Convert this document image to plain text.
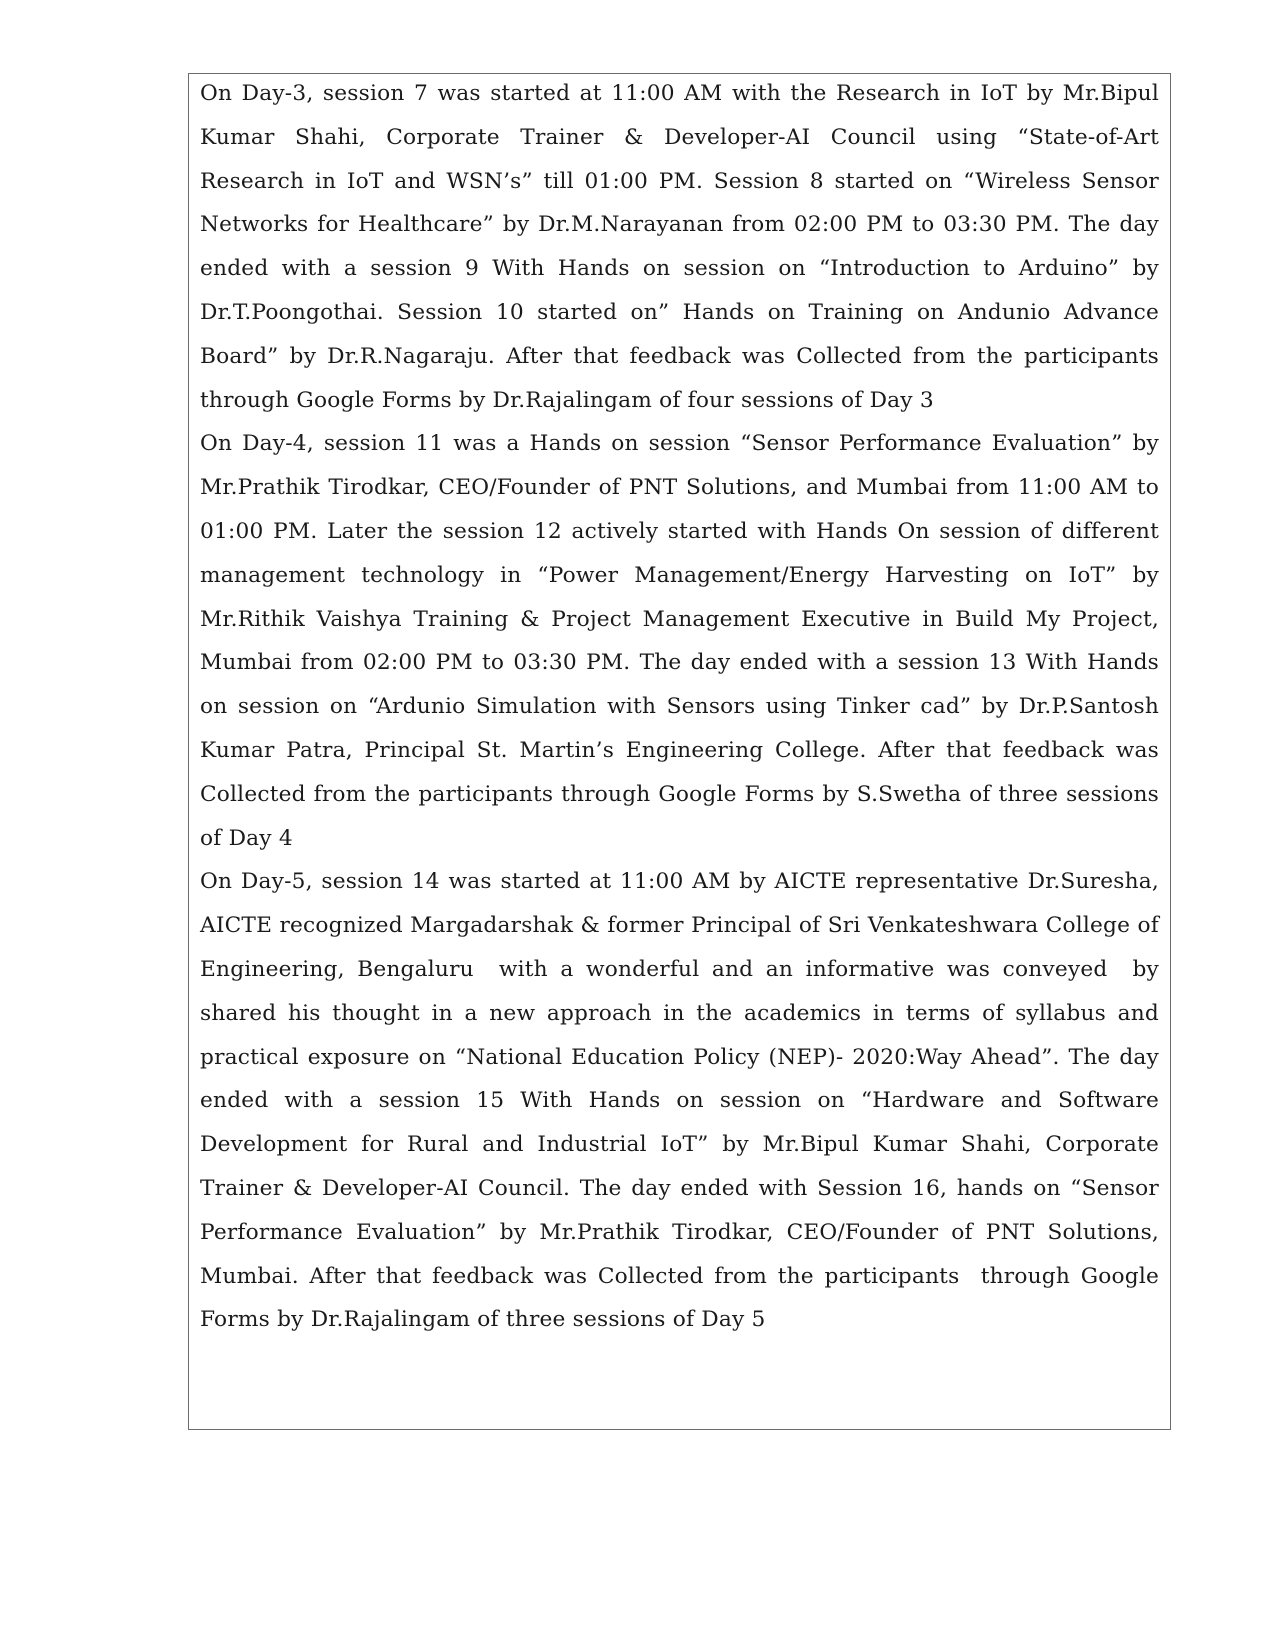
On Day-3, session 7 was started at 11:00 AM with the Research in IoT by Mr.Bipul Kumar Shahi, Corporate Trainer & Developer-AI Council using “State-of-Art Research in IoT and WSN’s” till 01:00 PM. Session 8 started on “Wireless Sensor Networks for Healthcare” by Dr.M.Narayanan from 02:00 PM to 03:30 PM. The day ended with a session 9 With Hands on session on “Introduction to Arduino” by Dr.T.Poongothai. Session 10 started on” Hands on Training on Andunio Advance Board” by Dr.R.Nagaraju. After that feedback was Collected from the participants  through Google Forms by Dr.Rajalingam of four sessions of Day 3

On Day-4, session 11 was a Hands on session “Sensor Performance Evaluation” by Mr.Prathik Tirodkar, CEO/Founder of PNT Solutions, and Mumbai from 11:00 AM to 01:00 PM. Later the session 12 actively started with Hands On session of different management technology in “Power Management/Energy Harvesting on IoT” by Mr.Rithik Vaishya Training & Project Management Executive in Build My Project, Mumbai from 02:00 PM to 03:30 PM. The day ended with a session 13 With Hands on session on “Ardunio Simulation with Sensors using Tinker cad” by Dr.P.Santosh Kumar Patra, Principal St. Martin’s Engineering College. After that feedback was Collected from the participants through Google Forms by S.Swetha of three sessions of Day 4

On Day-5, session 14 was started at 11:00 AM by AICTE representative Dr.Suresha, AICTE recognized Margadarshak & former Principal of Sri Venkateshwara College of Engineering, Bengaluru  with a wonderful and an informative was conveyed  by shared his thought in a new approach in the academics in terms of syllabus and practical exposure on “National Education Policy (NEP)- 2020:Way Ahead”. The day ended with a session 15 With Hands on session on “Hardware and Software Development for Rural and Industrial IoT” by Mr.Bipul Kumar Shahi, Corporate Trainer & Developer-AI Council. The day ended with Session 16, hands on “Sensor Performance Evaluation” by Mr.Prathik Tirodkar, CEO/Founder of PNT Solutions, Mumbai. After that feedback was Collected from the participants  through Google Forms by Dr.Rajalingam of three sessions of Day 5
